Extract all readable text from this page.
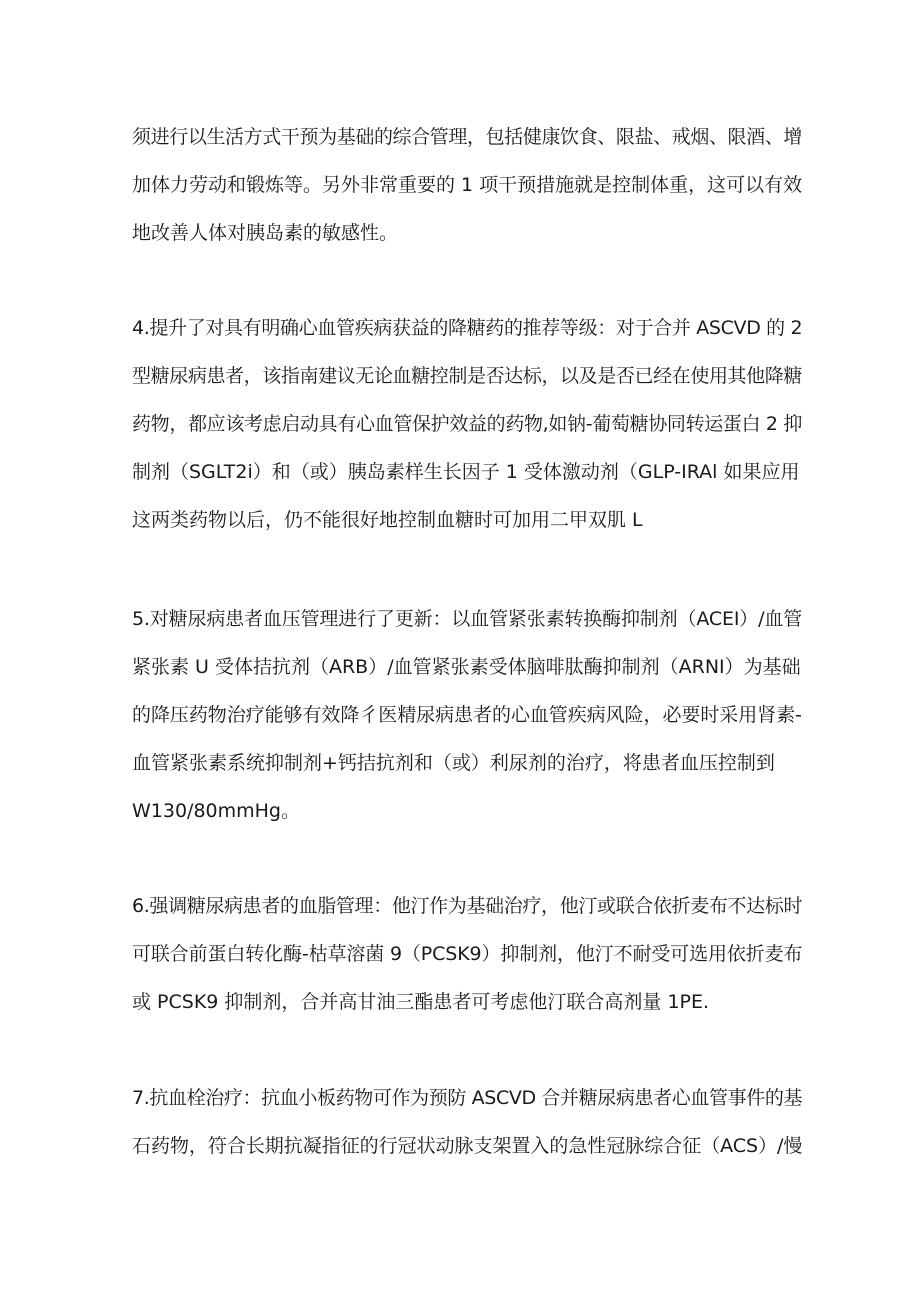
须进行以生活方式干预为基础的综合管理，包括健康饮食、限盐、戒烟、限酒、增
加体力劳动和锻炼等。另外非常重要的 1 项干预措施就是控制体重，这可以有效
地改善人体对胰岛素的敏感性。
4.提升了对具有明确心血管疾病获益的降糖药的推荐等级：对于合并 ASCVD 的 2
型糖尿病患者，该指南建议无论血糖控制是否达标，以及是否已经在使用其他降糖
药物，都应该考虑启动具有心血管保护效益的药物,如钠-葡萄糖协同转运蛋白 2 抑
制剂（SGLT2i）和（或）胰岛素样生长因子 1 受体激动剂（GLP-IRAl 如果应用
这两类药物以后，仍不能很好地控制血糖时可加用二甲双肌 L
5.对糖尿病患者血压管理进行了更新：以血管紧张素转换酶抑制剂（ACEI）/血管
紧张素 U 受体拮抗剂（ARB）/血管紧张素受体脑啡肽酶抑制剂（ARNI）为基础
的降压药物治疗能够有效降彳医精尿病患者的心血管疾病风险，必要时采用肾素-
血管紧张素系统抑制剂+钙拮抗剂和（或）利尿剂的治疗，将患者血压控制到
W130/80mmHg。
6.强调糖尿病患者的血脂管理：他汀作为基础治疗，他汀或联合依折麦布不达标时
可联合前蛋白转化酶-枯草溶菌 9（PCSK9）抑制剂，他汀不耐受可选用依折麦布
或 PCSK9 抑制剂，合并高甘油三酯患者可考虑他汀联合高剂量 1PE.
7.抗血栓治疗：抗血小板药物可作为预防 ASCVD 合并糖尿病患者心血管事件的基
石药物，符合长期抗凝指征的行冠状动脉支架置入的急性冠脉综合征（ACS）/慢
